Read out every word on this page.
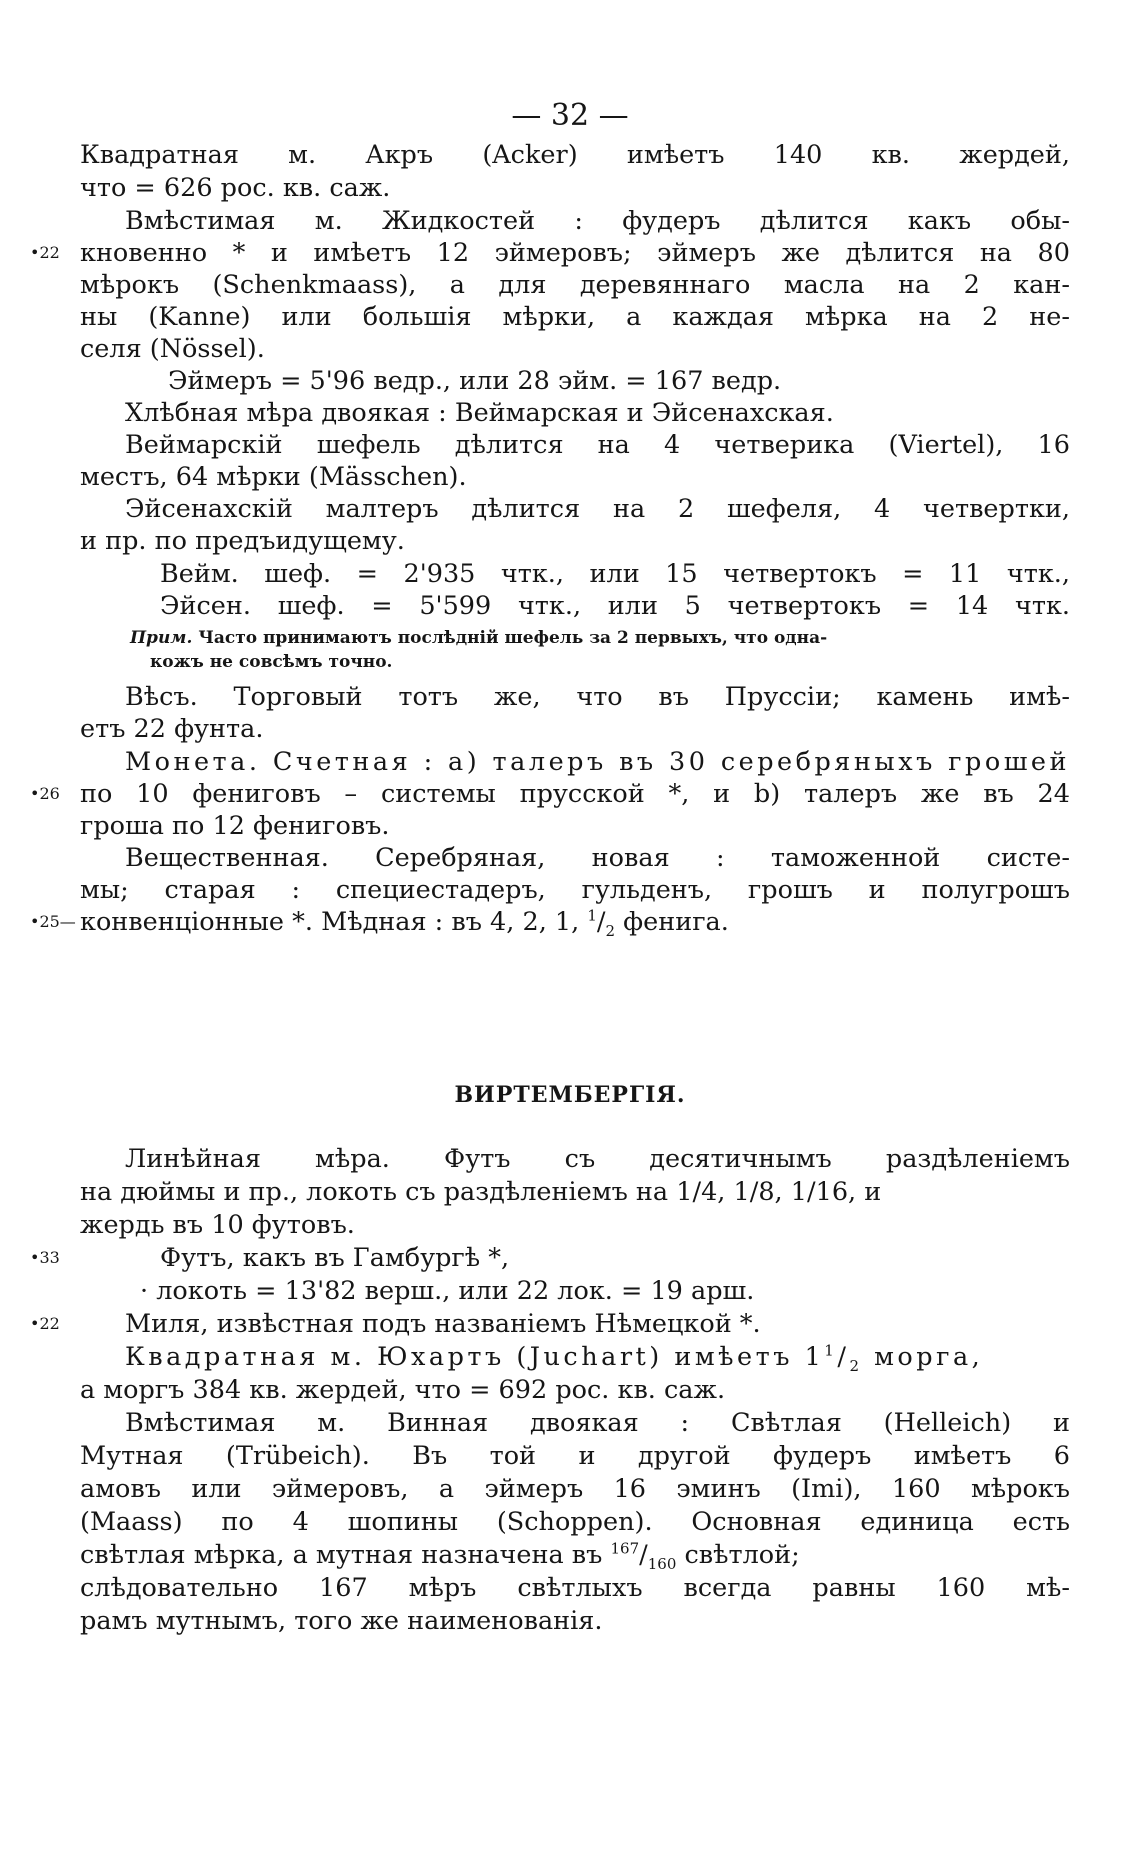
— 32 —
Квадратная м. Акръ (Acker) имѣетъ 140 кв. жердей,
что = 626 рос. кв. саж.
Вмѣстимая м. Жидкостей : фудеръ дѣлится какъ обы-
кновенно * и имѣетъ 12 эймеровъ; эймеръ же дѣлится на 80
мѣрокъ (Schenkmaass), а для деревяннаго масла на 2 кан-
ны (Kanne) или большія мѣрки, а каждая мѣрка на 2 не-
селя (Nössel).
Эймеръ = 5'96 ведр., или 28 эйм. = 167 ведр.
Хлѣбная мѣра двоякая : Веймарская и Эйсенахская.
Веймарскій шефель дѣлится на 4 четверика (Viertel), 16
местъ, 64 мѣрки (Mässchen).
Эйсенахскій малтеръ дѣлится на 2 шефеля, 4 четвертки,
и пр. по предъидущему.
Вейм. шеф. = 2'935 чтк., или 15 четвертокъ = 11 чтк.,
Эйсен. шеф. = 5'599 чтк., или 5 четвертокъ = 14 чтк.
Прим. Часто принимаютъ послѣдній шефель за 2 первыхъ, что одна-
кожъ не совсѣмъ точно.
Вѣсъ. Торговый тотъ же, что въ Пруссіи; камень имѣ-
етъ 22 фунта.
Монета. Счетная : а) талеръ въ 30 серебряныхъ грошей
по 10 фениговъ – системы прусской *, и b) талеръ же въ 24
гроша по 12 фениговъ.
Вещественная. Серебряная, новая : таможенной систе-
мы; старая : специестадеръ, гульденъ, грошъ и полугрошъ
конвенціонные *. Мѣдная : въ 4, 2, 1, $^1/_2$ фенига.
ВИРТЕМБЕРГІЯ.
Линѣйная мѣра. Футъ съ десятичнымъ раздѣленіемъ
на дюймы и пр., локоть съ раздѣленіемъ на 1/4, 1/8, 1/16, и
жердь въ 10 футовъ.
Футъ, какъ въ Гамбургѣ *,
· локоть = 13'82 верш., или 22 лок. = 19 арш.
Миля, извѣстная подъ названіемъ Нѣмецкой *.
Квадратная м. Юхартъ (Juchart) имѣетъ $1^1/_2$ морга,
а моргъ 384 кв. жердей, что = 692 рос. кв. саж.
Вмѣстимая м. Винная двоякая : Свѣтлая (Helleich) и
Мутная (Trübeich). Въ той и другой фудеръ имѣетъ 6
амовъ или эймеровъ, а эймеръ 16 эминъ (Imi), 160 мѣрокъ
(Maass) по 4 шопины (Schoppen). Основная единица есть
свѣтлая мѣрка, а мутная назначена въ $^{167}/_{160}$ свѣтлой;
слѣдовательно 167 мѣръ свѣтлыхъ всегда равны 160 мѣ-
рамъ мутнымъ, того же наименованія.
•22
•26
•25—
•33
•22
